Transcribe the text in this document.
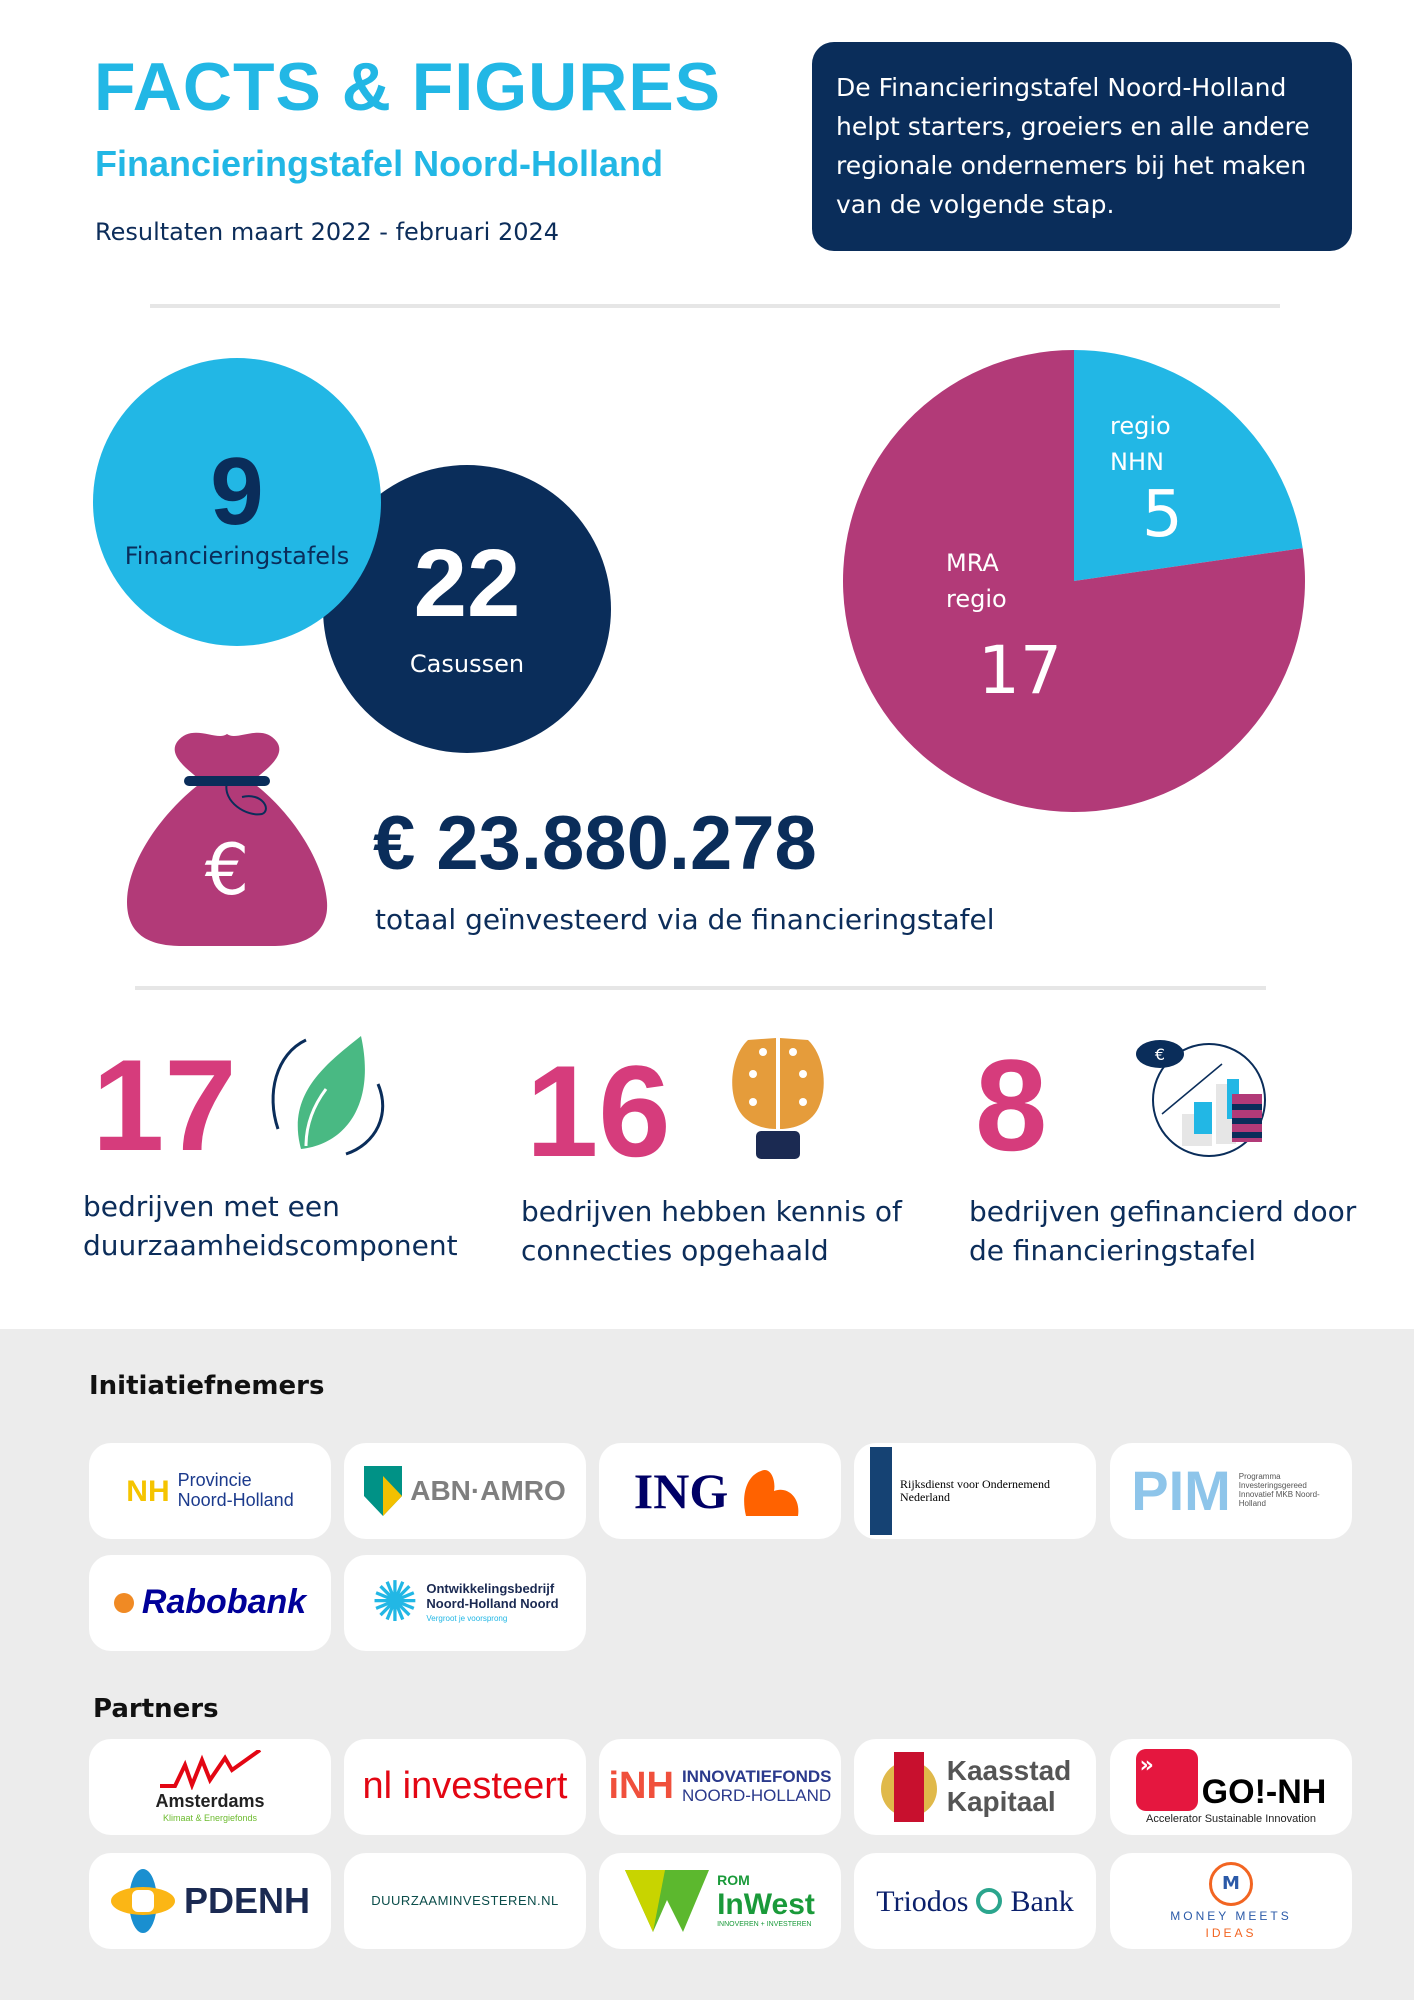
FACTS & FIGURES
Financieringstafel Noord-Holland
Resultaten maart 2022 - februari 2024
De Financieringstafel Noord-Holland helpt starters, groeiers en alle andere regionale ondernemers bij het maken van de volgende stap.
9
Financieringstafels 22
Casussen
regio
NHN
5
MRA
regio
17
€ € 23.880.278
totaal geïnvesteerd via de financieringstafel
17
bedrijven met een
duurzaamheidscomponent
16
bedrijven hebben kennis of
connecties opgehaald
8	€
bedrijven gefinancierd door
de financieringstafel
Initiatiefnemers
NH Provincie
Noord-Holland	ABN·AMRO ING	Rijksdienst voor Ondernemend
Nederland	PIM Programma Investeringsgereed Innovatief MKB Noord-Holland
Rabobank ✺ Ontwikkelingsbedrijf
Noord-Holland Noord
Vergroot je voorsprong
Partners
Amsterdams
Klimaat & Energiefonds
nl investeert iNH INNOVATIEFONDS
NOORD-HOLLAND
Kaasstad
Kapitaal
»
GO!-NH
Accelerator Sustainable Innovation
PDENH	DUURZAAMINVESTEREN.NL
ROM
InWest
INNOVEREN + INVESTEREN
Triodos Bank
M
MONEY MEETS
IDEAS
